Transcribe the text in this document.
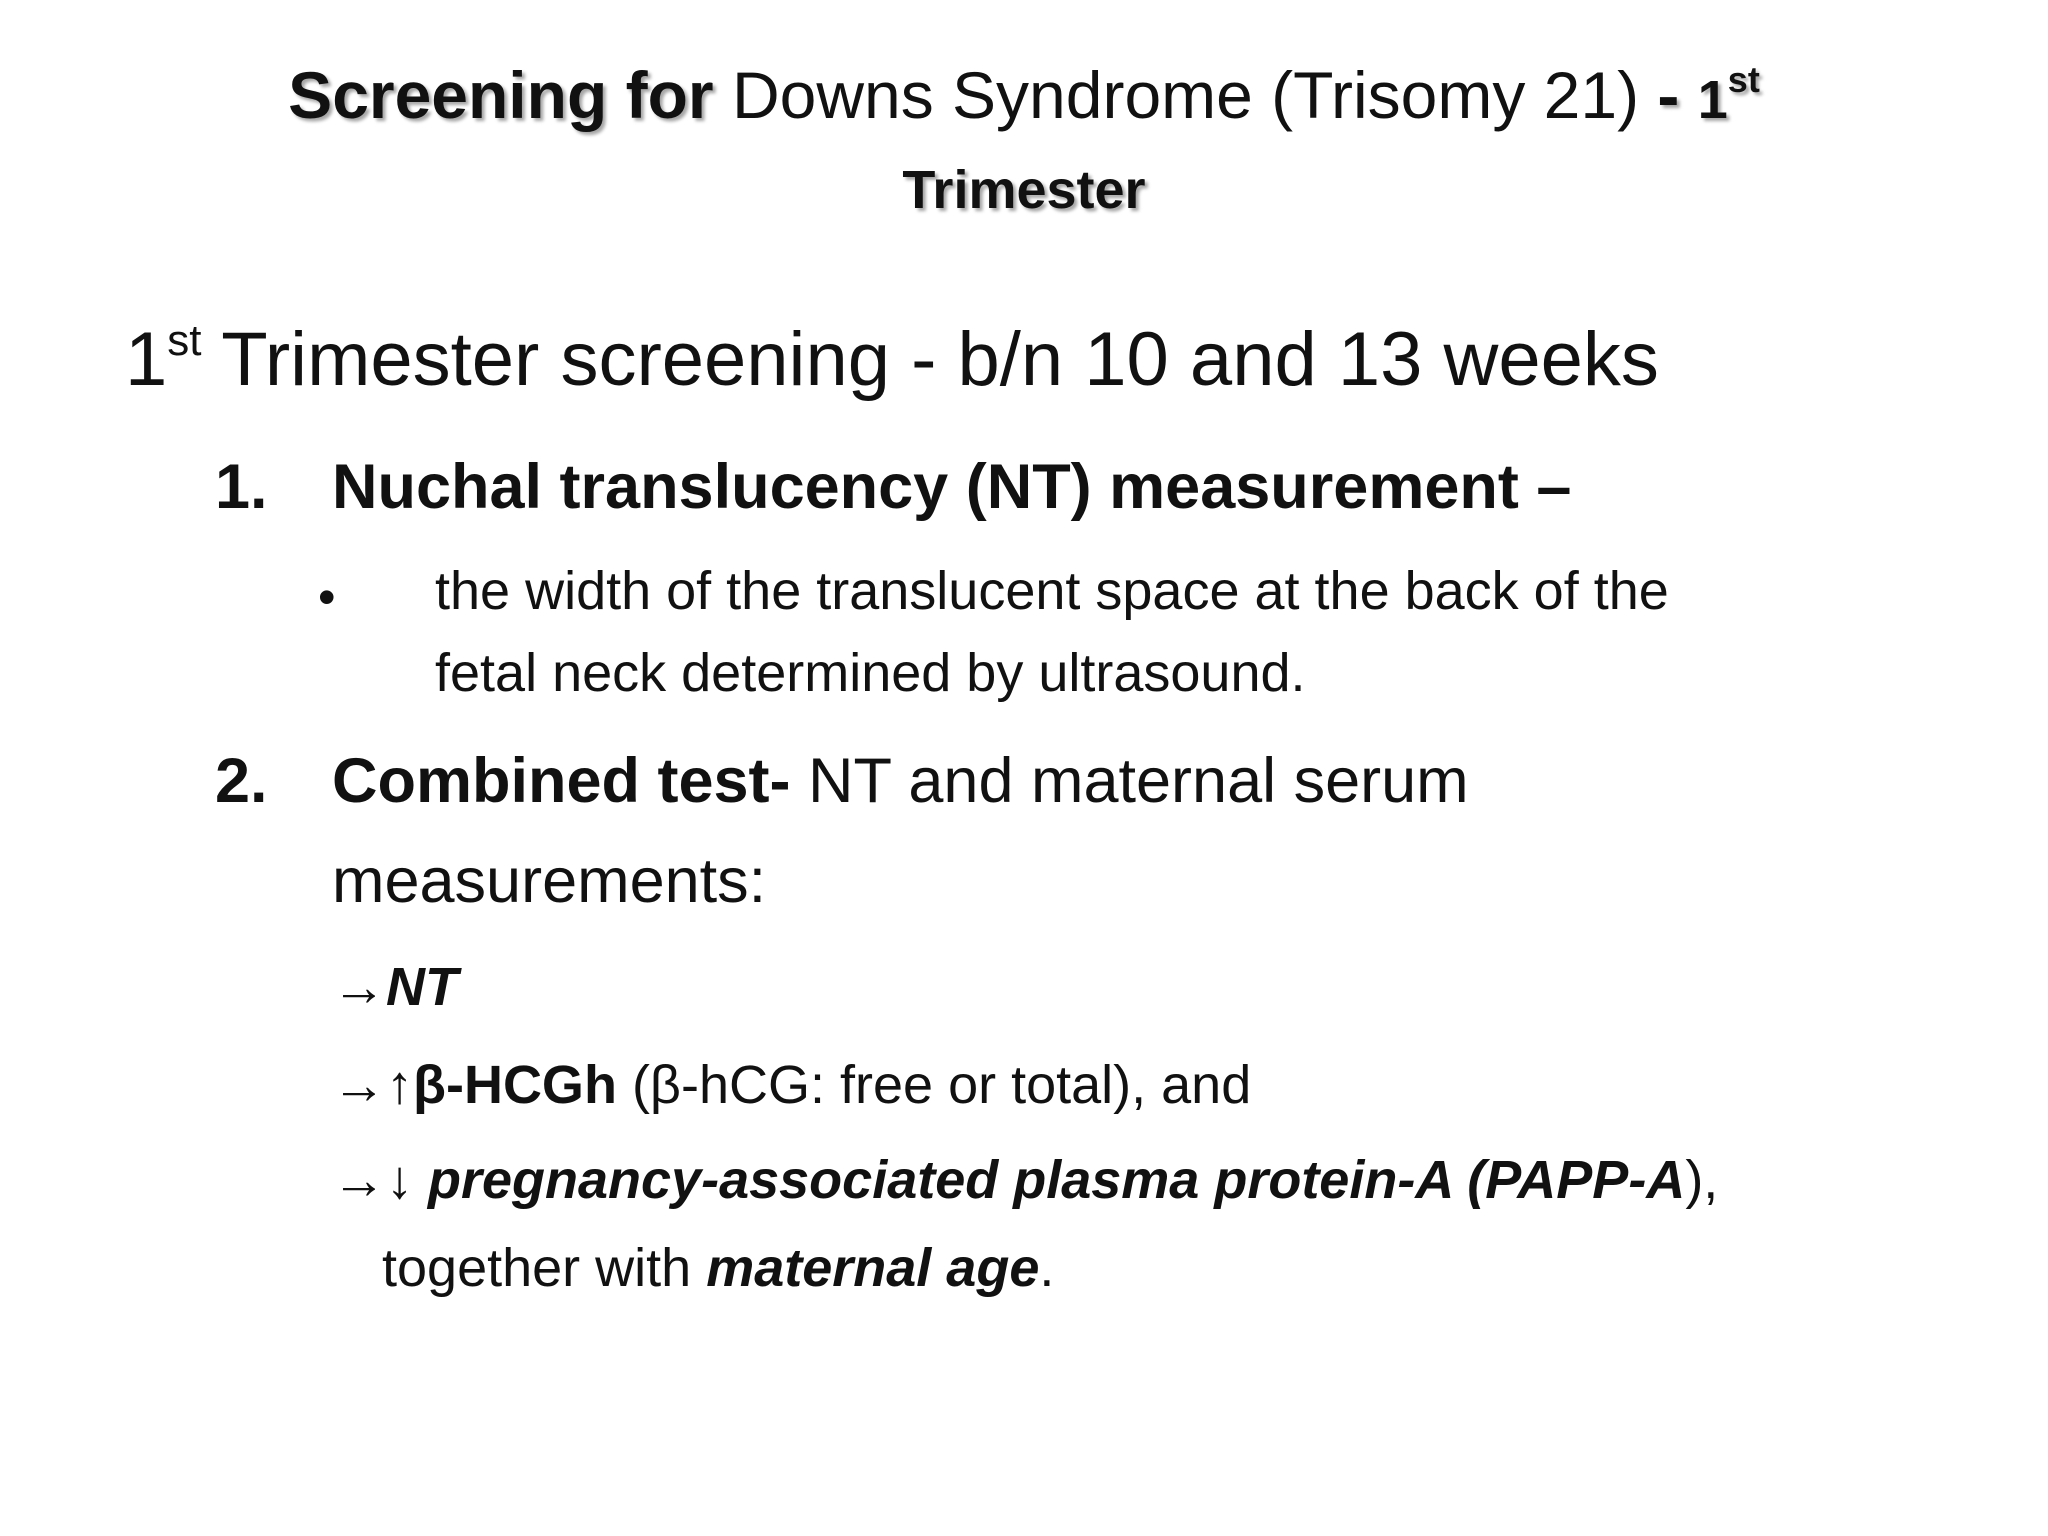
Screening for Downs Syndrome (Trisomy 21) - 1st
Trimester
1st Trimester screening - b/n 10 and 13 weeks
1. Nuchal translucency (NT) measurement –
• the width of the translucent space at the back of the
fetal neck determined by ultrasound.
2. Combined test- NT and maternal serum
measurements:
→NT
→↑β-HCGh (β-hCG: free or total), and
→↓ pregnancy-associated plasma protein-A (PAPP-A),
together with maternal age.
